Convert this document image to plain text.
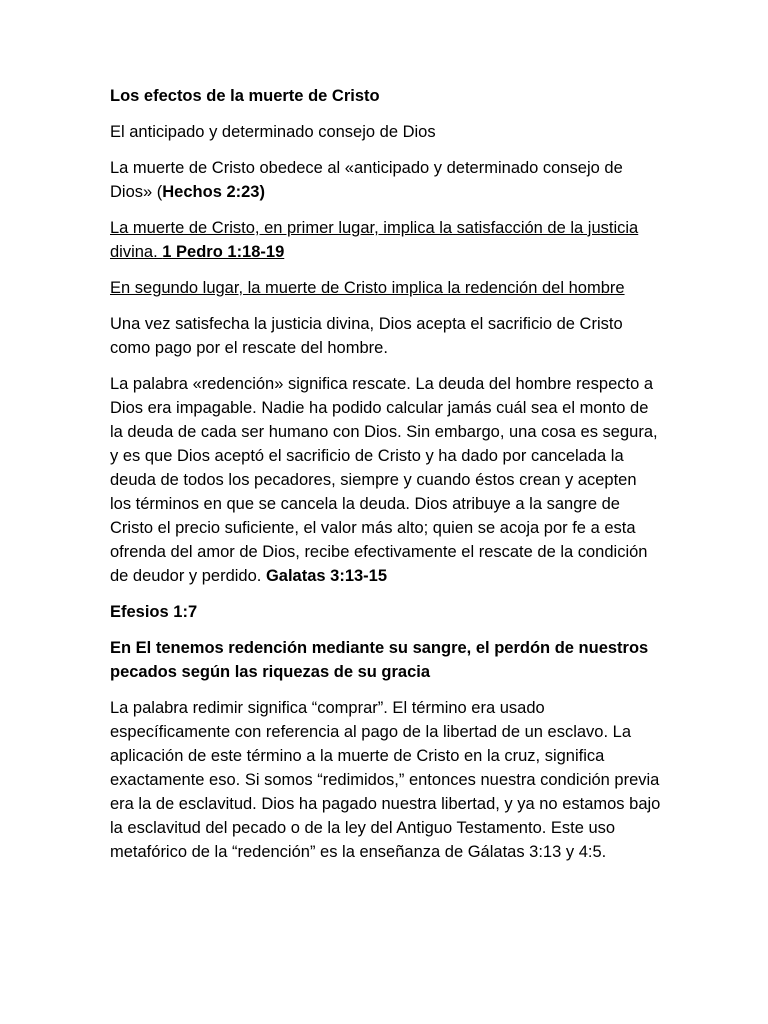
Los efectos de la muerte de Cristo

El anticipado y determinado consejo de Dios

La muerte de Cristo obedece al «anticipado y determinado consejo de Dios» (Hechos 2:23)

La muerte de Cristo, en primer lugar, implica la satisfacción de la justicia divina. 1 Pedro 1:18-19

En segundo lugar, la muerte de Cristo implica la redención del hombre

Una vez satisfecha la justicia divina, Dios acepta el sacrificio de Cristo como pago por el rescate del hombre.

La palabra «redención» significa rescate. La deuda del hombre respecto a Dios era impagable. Nadie ha podido calcular jamás cuál sea el monto de la deuda de cada ser humano con Dios. Sin embargo, una cosa es segura, y es que Dios aceptó el sacrificio de Cristo y ha dado por cancelada la deuda de todos los pecadores, siempre y cuando éstos crean y acepten los términos en que se cancela la deuda. Dios atribuye a la sangre de Cristo el precio suficiente, el valor más alto; quien se acoja por fe a esta ofrenda del amor de Dios, recibe efectivamente el rescate de la condición de deudor y perdido. Galatas 3:13-15

Efesios 1:7

En El tenemos redención mediante su sangre, el perdón de nuestros pecados según las riquezas de su gracia

La palabra redimir significa “comprar”. El término era usado específicamente con referencia al pago de la libertad de un esclavo. La aplicación de este término a la muerte de Cristo en la cruz, significa exactamente eso. Si somos “redimidos,” entonces nuestra condición previa era la de esclavitud. Dios ha pagado nuestra libertad, y ya no estamos bajo la esclavitud del pecado o de la ley del Antiguo Testamento. Este uso metafórico de la “redención” es la enseñanza de Gálatas 3:13 y 4:5.
